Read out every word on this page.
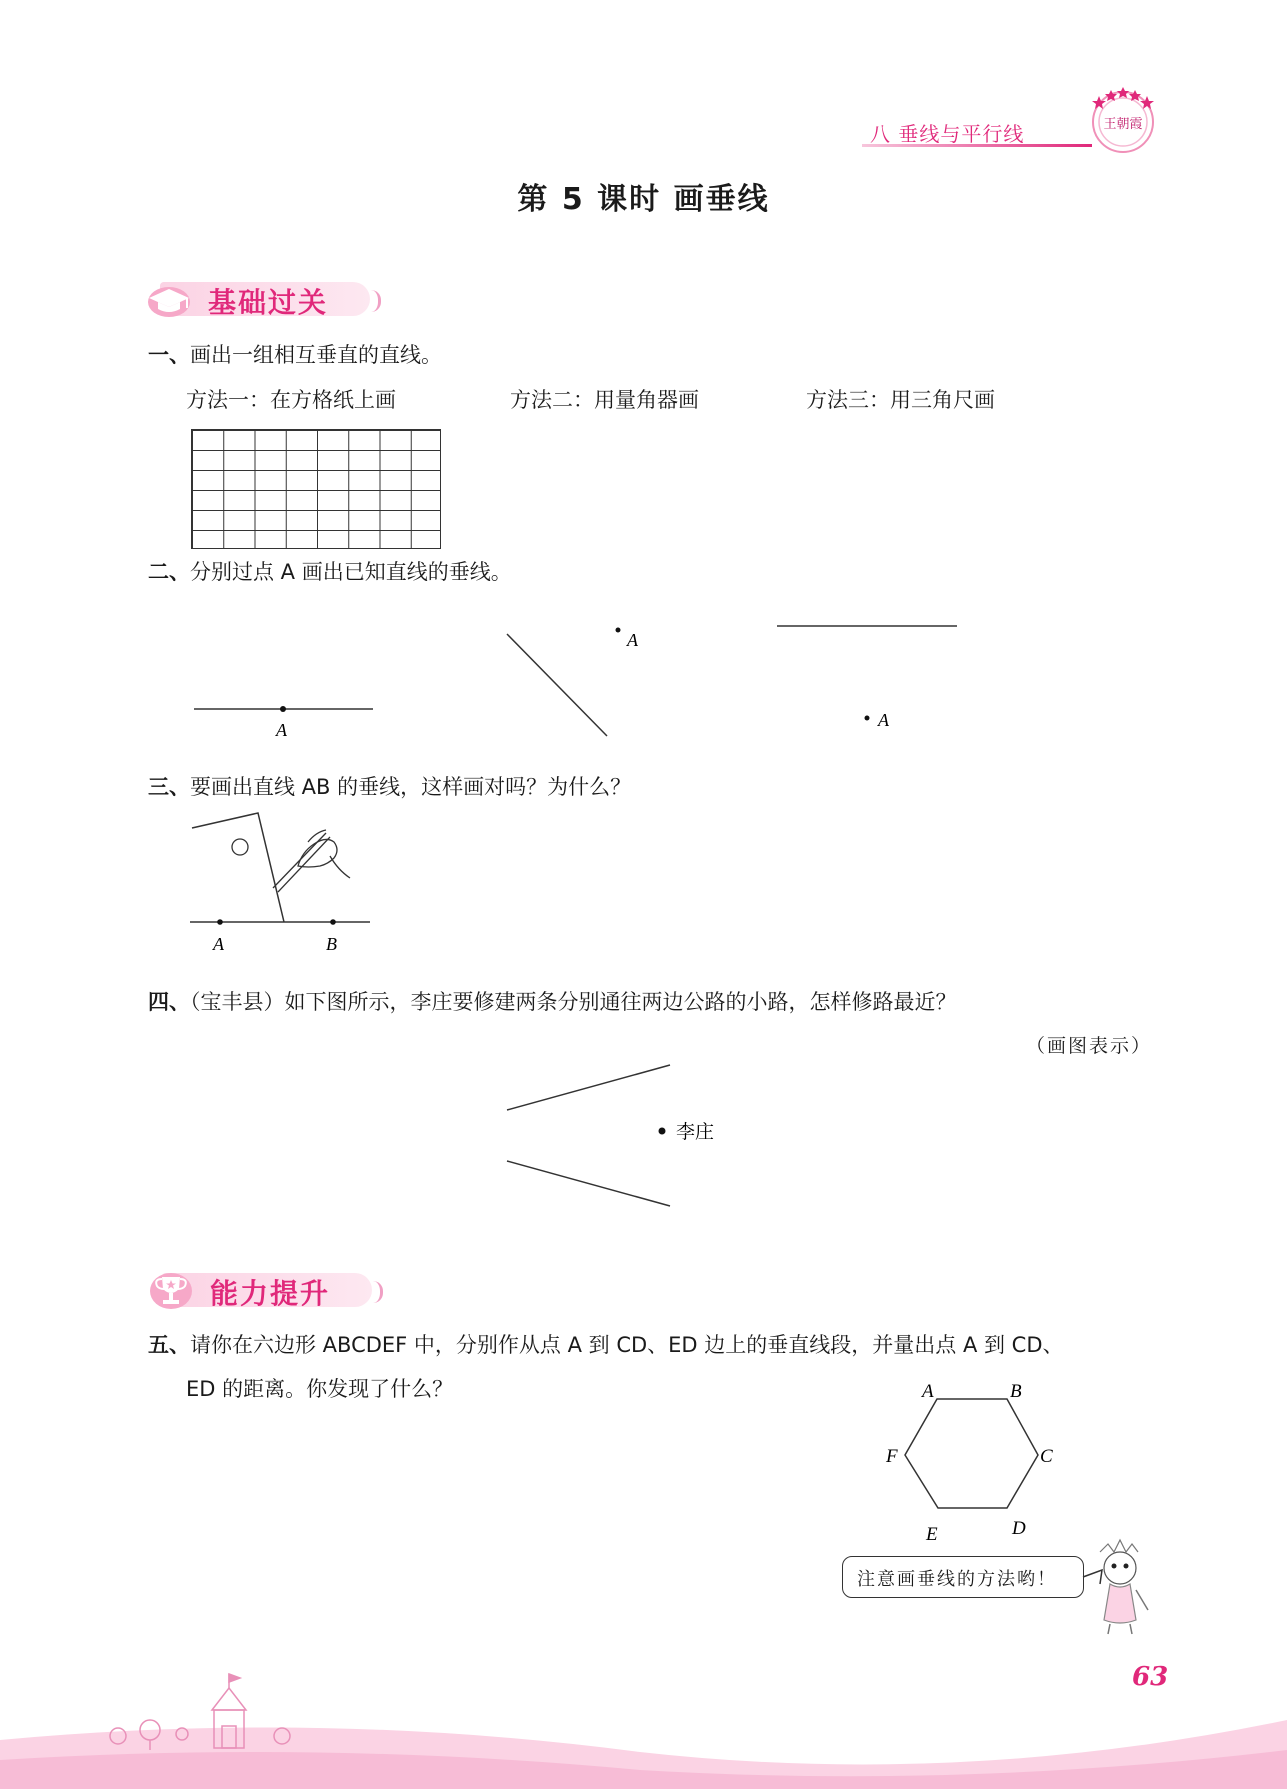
八 垂线与平行线	王朝霞
第 5 课时 画垂线
基础过关
一、画出一组相互垂直的直线。
方法一：在方格纸上画	方法二：用量角器画	方法三：用三角尺画
二、分别过点 A 画出已知直线的垂线。
A
A
A
三、要画出直线 AB 的垂线，这样画对吗？为什么？
A	B
四、（宝丰县）如下图所示，李庄要修建两条分别通往两边公路的小路，怎样修路最近？
（画图表示）
李庄
能力提升
五、请你在六边形 ABCDEF 中，分别作从点 A 到 CD、ED 边上的垂直线段，并量出点 A 到 CD、
ED 的距离。你发现了什么？	A	B
C
D
E
F
注意画垂线的方法哟！
63
